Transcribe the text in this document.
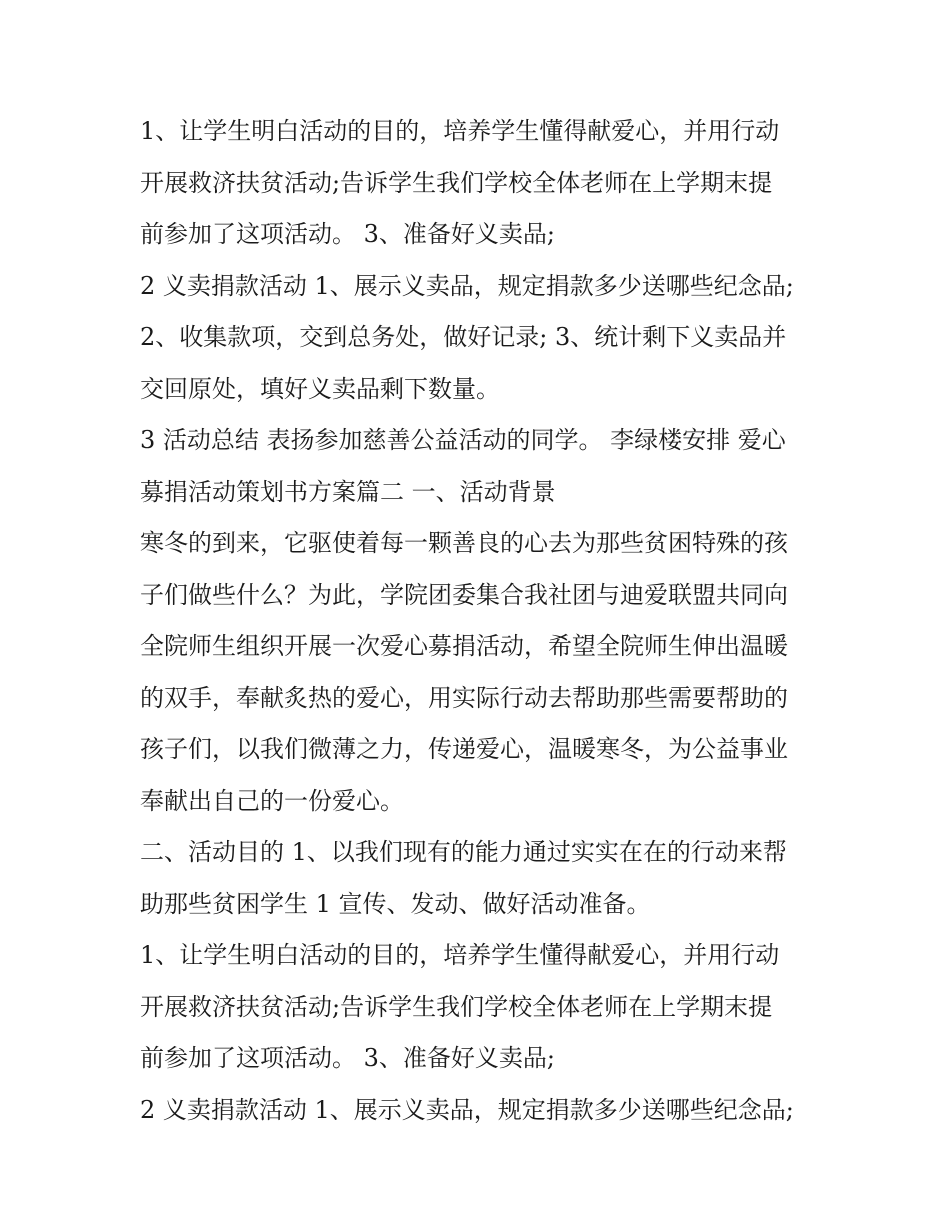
1、让学生明白活动的目的，培养学生懂得献爱心，并用行动
开展救济扶贫活动;告诉学生我们学校全体老师在上学期末提
前参加了这项活动。 3、准备好义卖品;

2 义卖捐款活动 1、展示义卖品，规定捐款多少送哪些纪念品;

2、收集款项，交到总务处，做好记录; 3、统计剩下义卖品并
交回原处，填好义卖品剩下数量。

3 活动总结 表扬参加慈善公益活动的同学。 李绿楼安排 爱心
募捐活动策划书方案篇二 一、活动背景

寒冬的到来，它驱使着每一颗善良的心去为那些贫困特殊的孩
子们做些什么？为此，学院团委集合我社团与迪爱联盟共同向
全院师生组织开展一次爱心募捐活动，希望全院师生伸出温暖
的双手，奉献炙热的爱心，用实际行动去帮助那些需要帮助的
孩子们，以我们微薄之力，传递爱心，温暖寒冬，为公益事业
奉献出自己的一份爱心。

二、活动目的 1、以我们现有的能力通过实实在在的行动来帮
助那些贫困学生 1 宣传、发动、做好活动准备。

1、让学生明白活动的目的，培养学生懂得献爱心，并用行动
开展救济扶贫活动;告诉学生我们学校全体老师在上学期末提
前参加了这项活动。 3、准备好义卖品;

2 义卖捐款活动 1、展示义卖品，规定捐款多少送哪些纪念品;
